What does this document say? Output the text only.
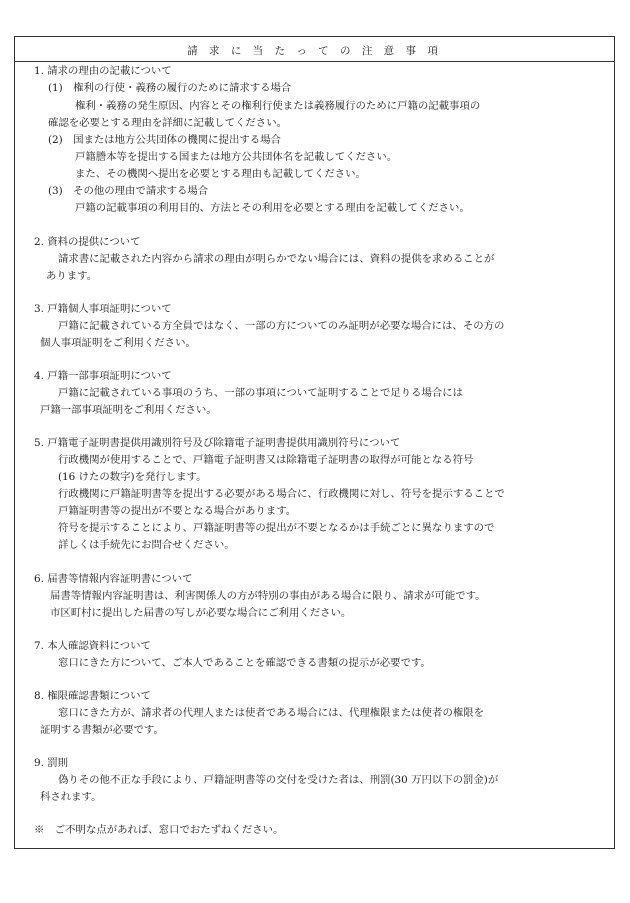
請 求 に 当 た っ て の 注 意 事 項
1. 請求の理由の記載について
(1)　権利の行使・義務の履行のために請求する場合
権利・義務の発生原因、内容とその権利行使または義務履行のために戸籍の記載事項の
確認を必要とする理由を詳細に記載してください。
(2)　国または地方公共団体の機関に提出する場合
戸籍謄本等を提出する国または地方公共団体名を記載してください。
また、その機関へ提出を必要とする理由も記載してください。
(3)　その他の理由で請求する場合
戸籍の記載事項の利用目的、方法とその利用を必要とする理由を記載してください。
2. 資料の提供について
請求書に記載された内容から請求の理由が明らかでない場合には、資料の提供を求めることが
あります。
3. 戸籍個人事項証明について
戸籍に記載されている方全員ではなく、一部の方についてのみ証明が必要な場合には、その方の
個人事項証明をご利用ください。
4. 戸籍一部事項証明について
戸籍に記載されている事項のうち、一部の事項について証明することで足りる場合には
戸籍一部事項証明をご利用ください。
5. 戸籍電子証明書提供用識別符号及び除籍電子証明書提供用識別符号について
行政機関が使用することで、戸籍電子証明書又は除籍電子証明書の取得が可能となる符号
(16 けたの数字)を発行します。
行政機関に戸籍証明書等を提出する必要がある場合に、行政機関に対し、符号を提示することで
戸籍証明書等の提出が不要となる場合があります。
符号を提示することにより、戸籍証明書等の提出が不要となるかは手続ごとに異なりますので
詳しくは手続先にお問合せください。
6. 届書等情報内容証明書について
届書等情報内容証明書は、利害関係人の方が特別の事由がある場合に限り、請求が可能です。
市区町村に提出した届書の写しが必要な場合にご利用ください。
7. 本人確認資料について
窓口にきた方について、ご本人であることを確認できる書類の提示が必要です。
8. 権限確認書類について
窓口にきた方が、請求者の代理人または使者である場合には、代理権限または使者の権限を
証明する書類が必要です。
9. 罰則
偽りその他不正な手段により、戸籍証明書等の交付を受けた者は、刑罰(30 万円以下の罰金)が
科されます。
※　ご不明な点があれば、窓口でおたずねください。
